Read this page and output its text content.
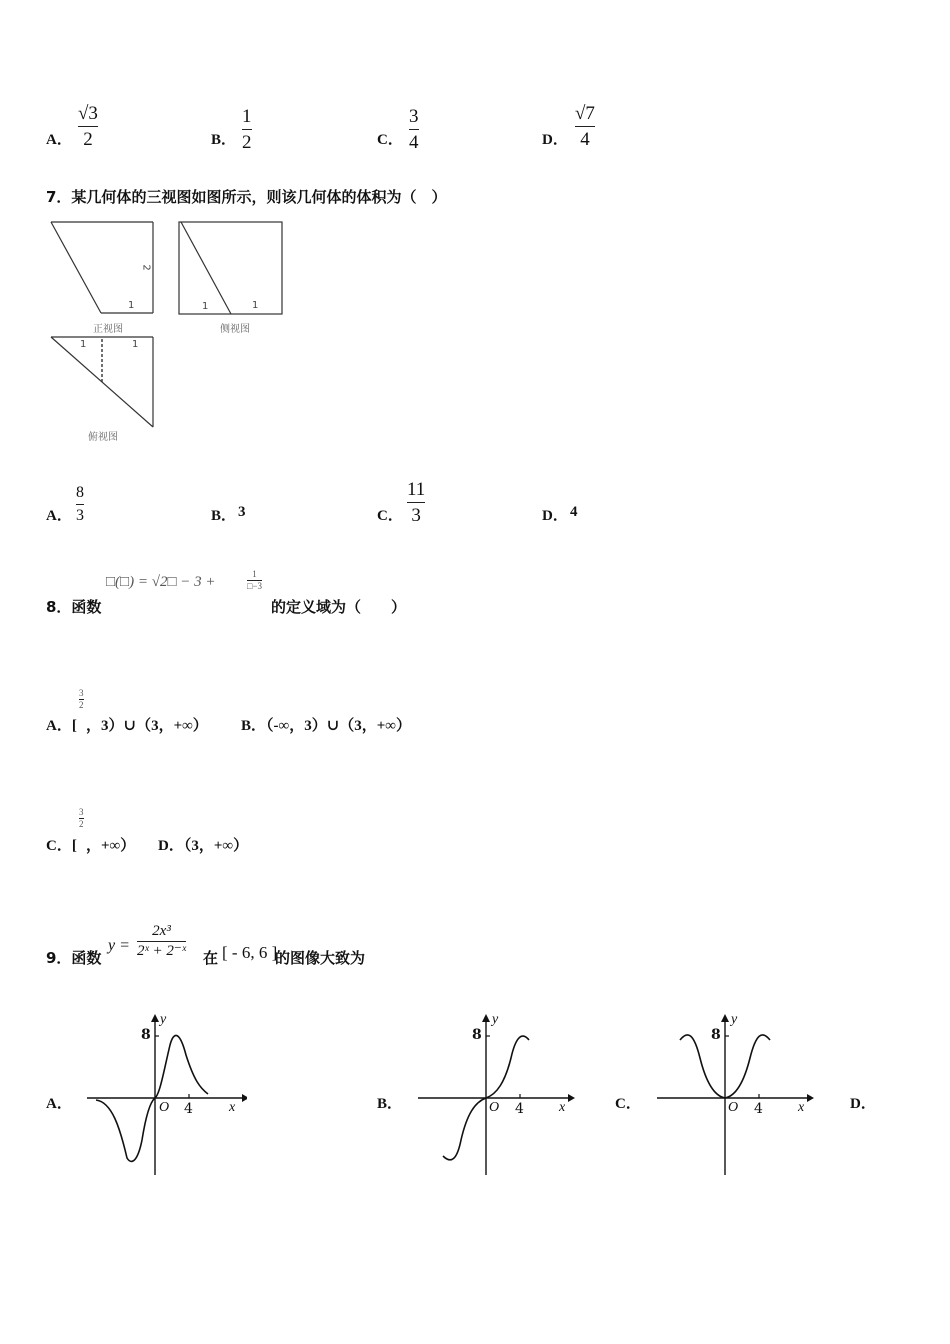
A．
√3
2	B．
1
2	C．
3
4	D．
√7
4
7．某几何体的三视图如图所示，则该几何体的体积为（　）
2
1	1	1
1	1
正视图	侧视图
俯视图
A．
8
3	B． 3	C．
11
3	D． 4
8．函数
□(□) = √2□ − 3 +	1
□−3
的定义域为（　　）
3
2
A．[ ，3）∪（3，+∞） B．（-∞，3）∪（3，+∞）
3
2
C．[ ，+∞） D．（3，+∞）
9．函数
y =
2x³
2ˣ + 2⁻ˣ 在 [ - 6, 6 ]
的图像大致为
A．	B．	C．	D．
y
8
O 4	x
y
8
O 4	x
y
8
O 4	x
